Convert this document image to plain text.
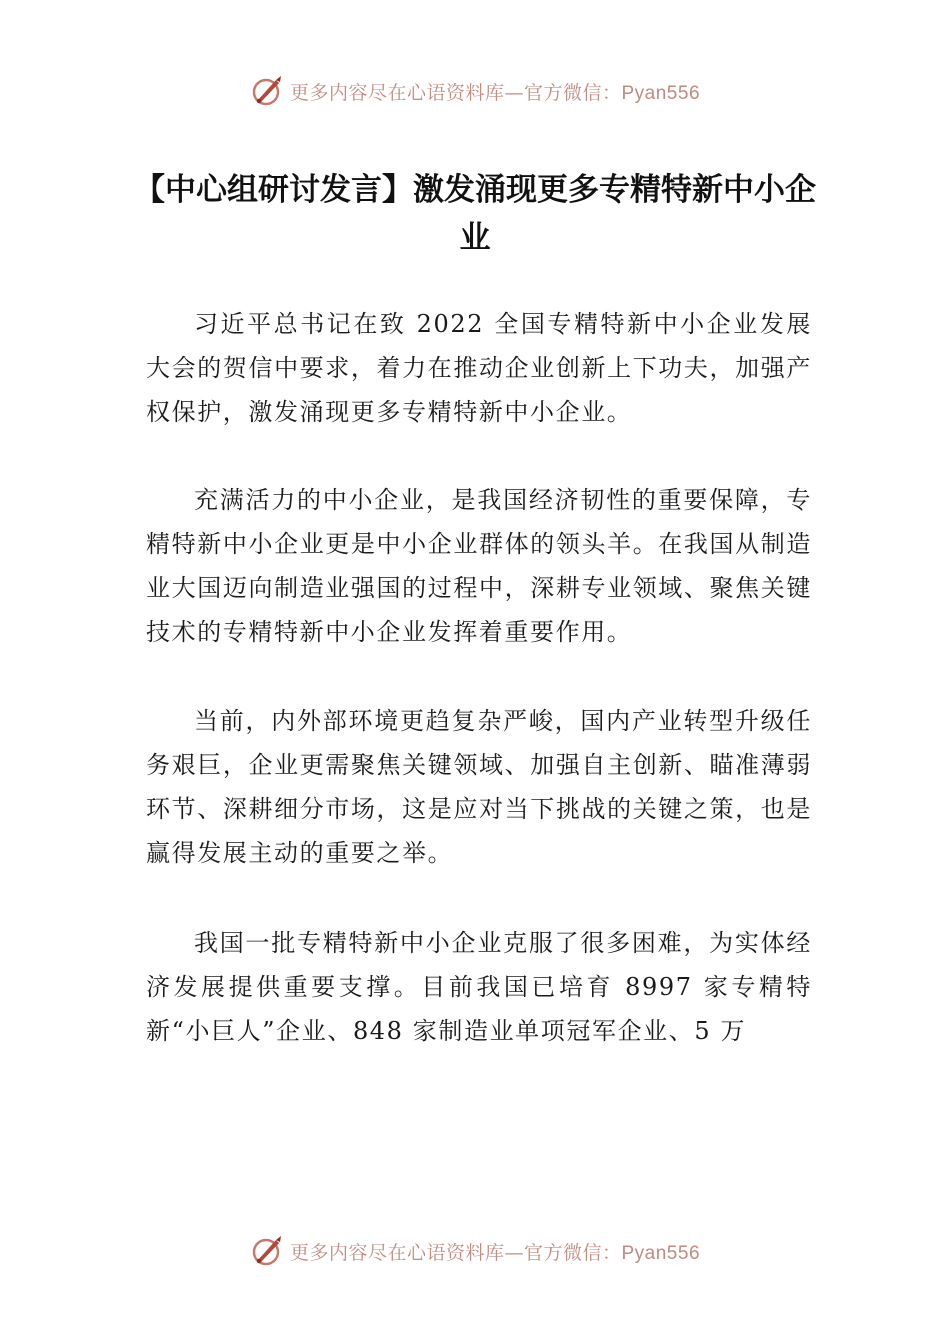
更多内容尽在心语资料库—官方微信：Pyan556
【中心组研讨发言】激发涌现更多专精特新中小企业

习近平总书记在致 2022 全国专精特新中小企业发展大会的贺信中要求，着力在推动企业创新上下功夫，加强产权保护，激发涌现更多专精特新中小企业。

充满活力的中小企业，是我国经济韧性的重要保障，专精特新中小企业更是中小企业群体的领头羊。在我国从制造业大国迈向制造业强国的过程中，深耕专业领域、聚焦关键技术的专精特新中小企业发挥着重要作用。

当前，内外部环境更趋复杂严峻，国内产业转型升级任务艰巨，企业更需聚焦关键领域、加强自主创新、瞄准薄弱环节、深耕细分市场，这是应对当下挑战的关键之策，也是赢得发展主动的重要之举。

我国一批专精特新中小企业克服了很多困难，为实体经济发展提供重要支撑。目前我国已培育 8997 家专精特新“小巨人”企业、848 家制造业单项冠军企业、5 万

更多内容尽在心语资料库—官方微信：Pyan556
